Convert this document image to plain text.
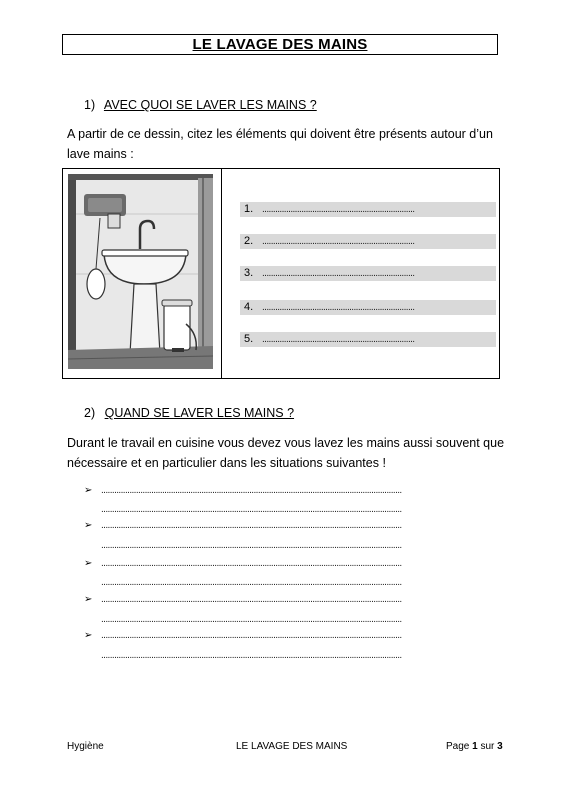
LE LAVAGE DES MAINS
1) AVEC QUOI SE LAVER LES MAINS ?
A partir de ce dessin, citez les éléments qui doivent être présents autour d’un
lave mains :
1. ......................................................................
2. ......................................................................
3. ......................................................................
4. ......................................................................
5. ......................................................................
2) QUAND SE LAVER LES MAINS ?
Durant le travail en cuisine vous devez vous lavez les mains aussi souvent que
nécessaire et en particulier dans les situations suivantes !
➢ ..........................................................................................................................................
..........................................................................................................................................
➢ ..........................................................................................................................................
..........................................................................................................................................
➢ ..........................................................................................................................................
..........................................................................................................................................
➢ ..........................................................................................................................................
..........................................................................................................................................
➢ ..........................................................................................................................................
..........................................................................................................................................
Hygiène	LE LAVAGE DES MAINS	Page 1 sur 3
